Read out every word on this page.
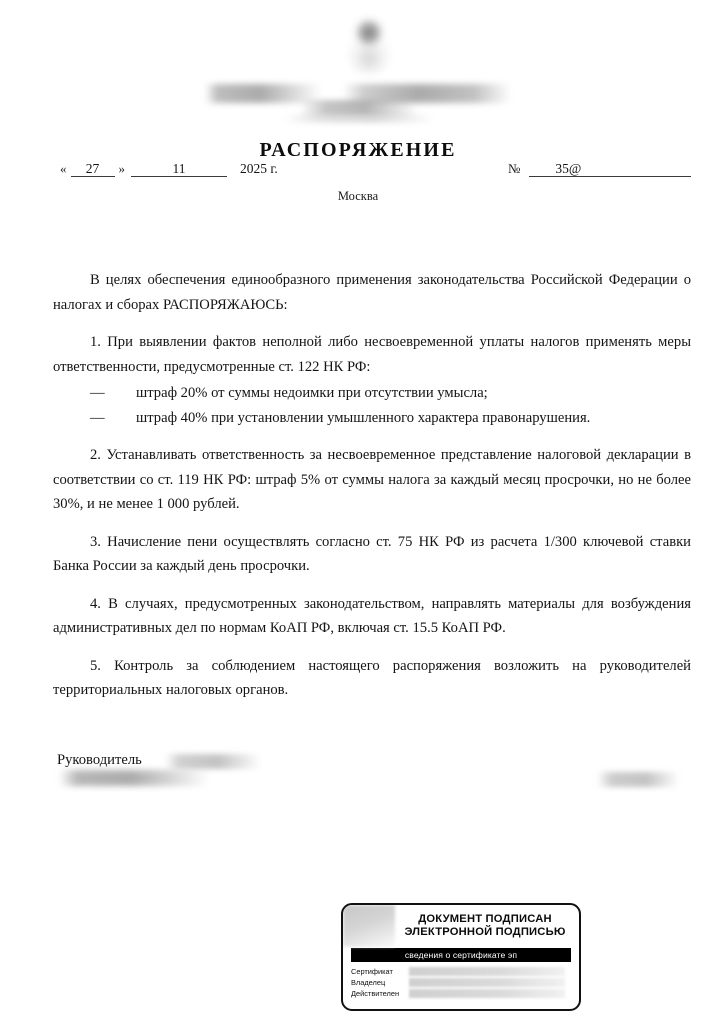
РАСПОРЯЖЕНИЕ
«	27	»	11	2025 г.	№	35@
Москва

В целях обеспечения единообразного применения законодательства Российской Федерации о налогах и сборах РАСПОРЯЖАЮСЬ:

1. При выявлении фактов неполной либо несвоевременной уплаты налогов применять меры ответственности, предусмотренные ст. 122 НК РФ:

—	штраф 20% от суммы недоимки при отсутствии умысла;

—	штраф 40% при установлении умышленного характера правонарушения.

2. Устанавливать ответственность за несвоевременное представление налоговой декларации в соответствии со ст. 119 НК РФ: штраф 5% от суммы налога за каждый месяц просрочки, но не более 30%, и не менее 1 000 рублей.

3. Начисление пени осуществлять согласно ст. 75 НК РФ из расчета 1/300 ключевой ставки Банка России за каждый день просрочки.

4. В случаях, предусмотренных законодательством, направлять материалы для возбуждения административных дел по нормам КоАП РФ, включая ст. 15.5 КоАП РФ.

5. Контроль за соблюдением настоящего распоряжения возложить на руководителей территориальных налоговых органов.

Руководитель
ДОКУМЕНТ ПОДПИСАН
ЭЛЕКТРОННОЙ ПОДПИСЬЮ
сведения о сертификате эп
Сертификат
Владелец
Действителен
